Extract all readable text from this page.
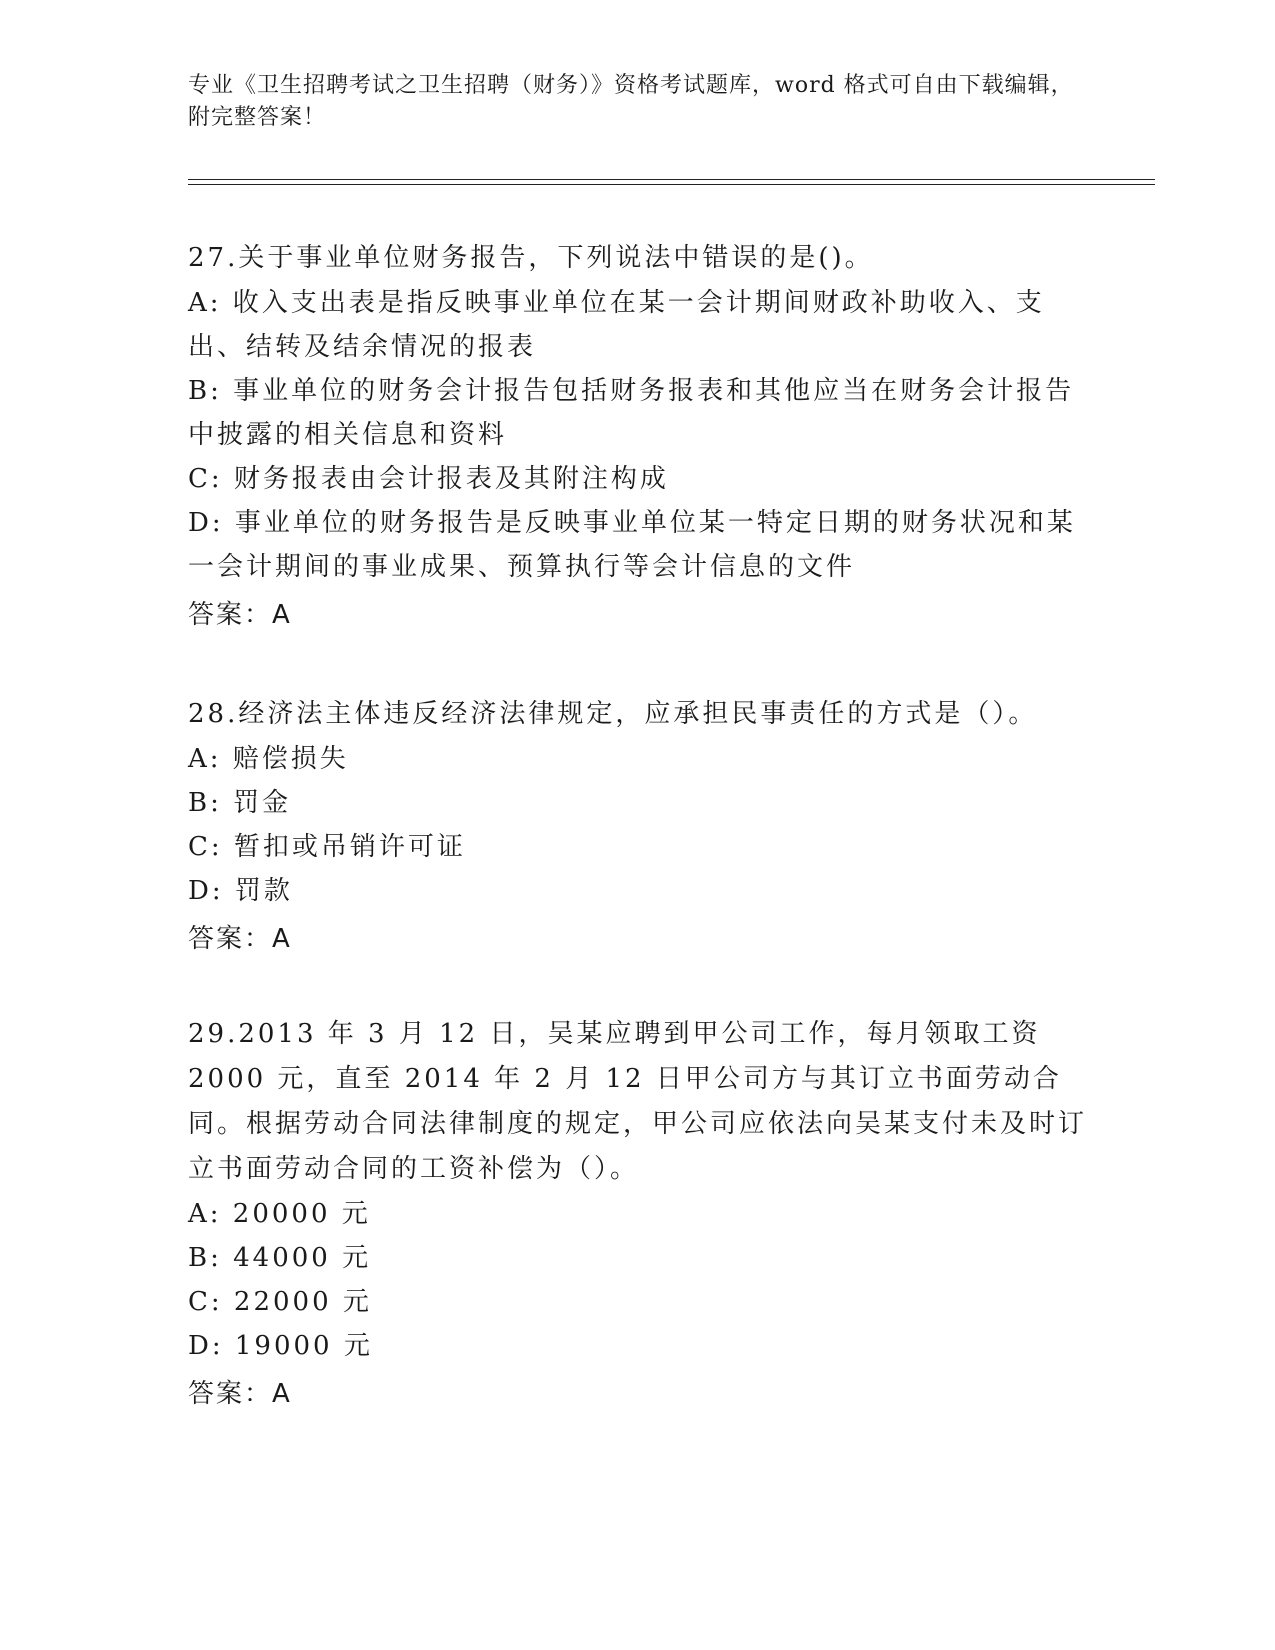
专业《卫生招聘考试之卫生招聘（财务）》资格考试题库，word 格式可自由下载编辑，附完整答案！

27.关于事业单位财务报告，下列说法中错误的是()。

A: 收入支出表是指反映事业单位在某一会计期间财政补助收入、支出、结转及结余情况的报表

B: 事业单位的财务会计报告包括财务报表和其他应当在财务会计报告中披露的相关信息和资料

C: 财务报表由会计报表及其附注构成

D: 事业单位的财务报告是反映事业单位某一特定日期的财务状况和某一会计期间的事业成果、预算执行等会计信息的文件

答案：A

28.经济法主体违反经济法律规定，应承担民事责任的方式是（）。

A: 赔偿损失

B: 罚金

C: 暂扣或吊销许可证

D: 罚款

答案：A

29.2013 年 3 月 12 日，吴某应聘到甲公司工作，每月领取工资 2000 元，直至 2014 年 2 月 12 日甲公司方与其订立书面劳动合同。根据劳动合同法律制度的规定，甲公司应依法向吴某支付未及时订立书面劳动合同的工资补偿为（）。

A: 20000 元

B: 44000 元

C: 22000 元

D: 19000 元

答案：A
